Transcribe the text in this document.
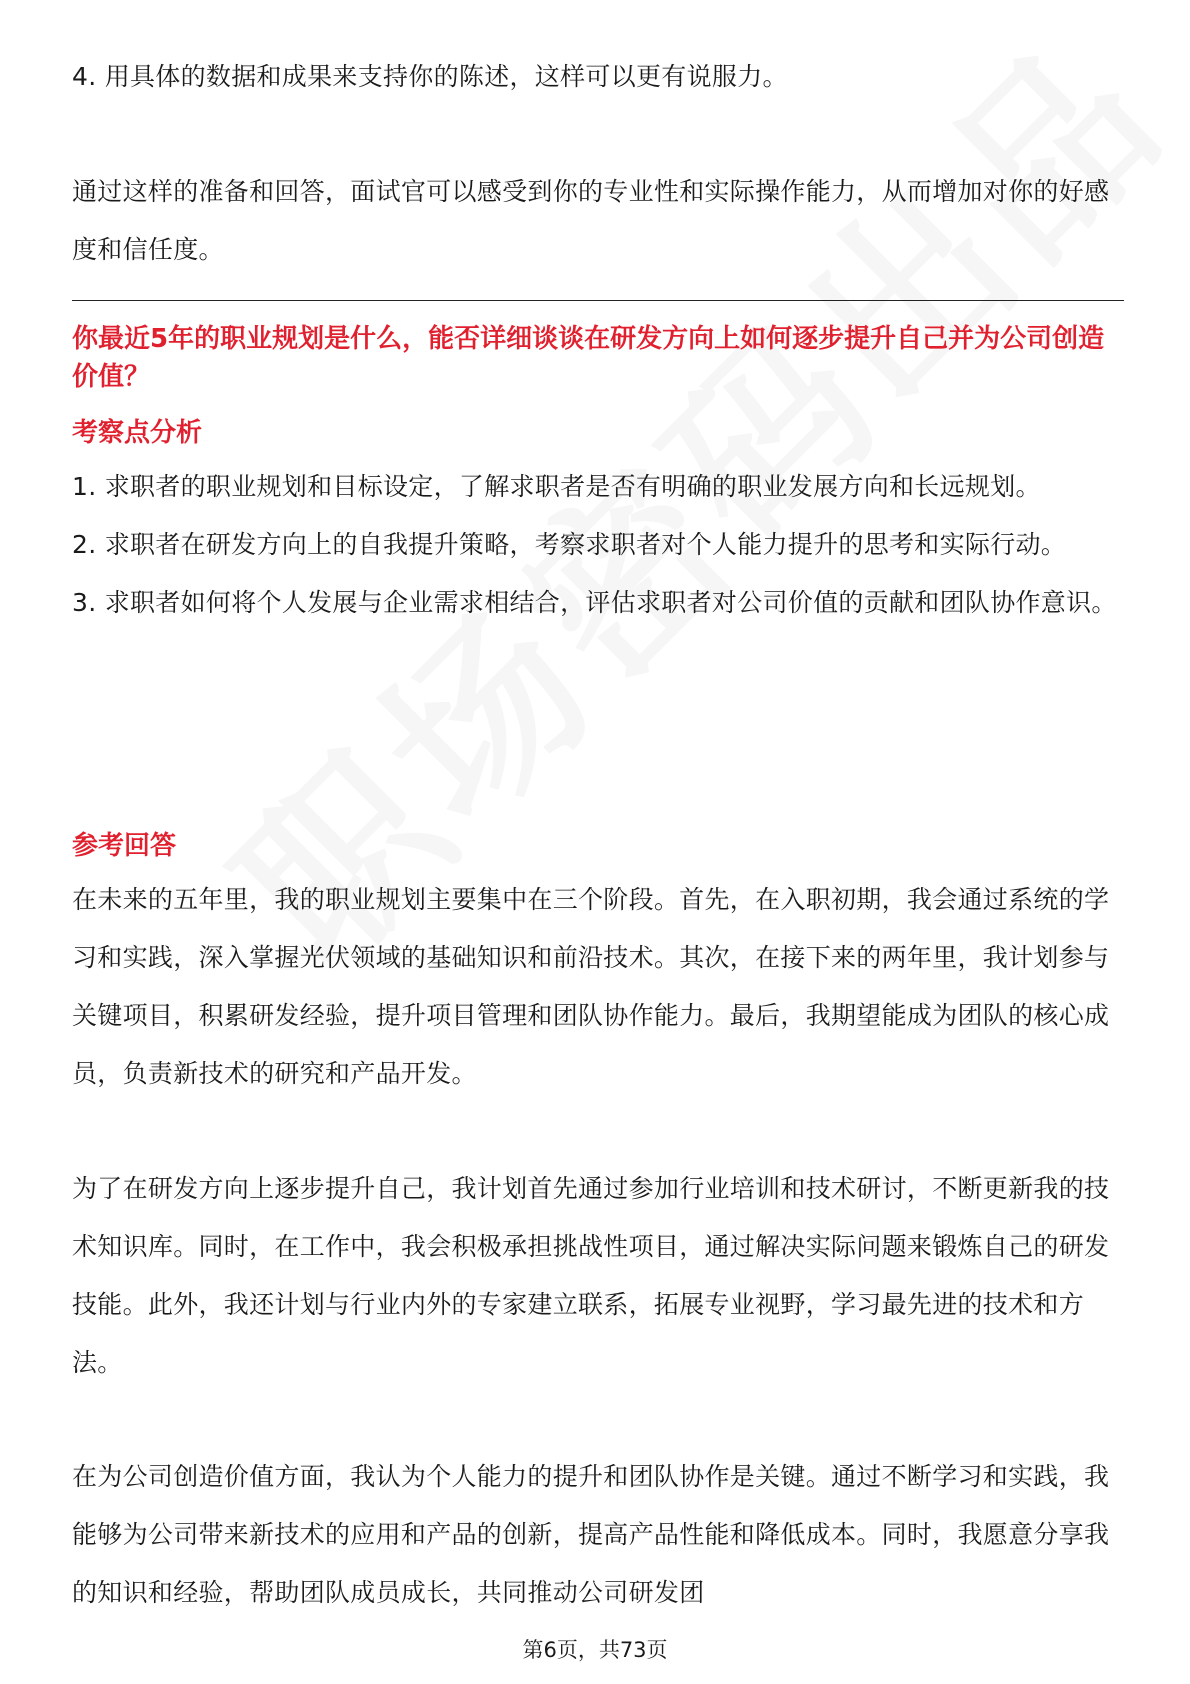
4. 用具体的数据和成果来支持你的陈述，这样可以更有说服力。

通过这样的准备和回答，面试官可以感受到你的专业性和实际操作能力，从而增加对你的好感度和信任度。

你最近5年的职业规划是什么，能否详细谈谈在研发方向上如何逐步提升自己并为公司创造价值？
考察点分析

1. 求职者的职业规划和目标设定，了解求职者是否有明确的职业发展方向和长远规划。

2. 求职者在研发方向上的自我提升策略，考察求职者对个人能力提升的思考和实际行动。

3. 求职者如何将个人发展与企业需求相结合，评估求职者对公司价值的贡献和团队协作意识。

参考回答

在未来的五年里，我的职业规划主要集中在三个阶段。首先，在入职初期，我会通过系统的学习和实践，深入掌握光伏领域的基础知识和前沿技术。其次，在接下来的两年里，我计划参与关键项目，积累研发经验，提升项目管理和团队协作能力。最后，我期望能成为团队的核心成员，负责新技术的研究和产品开发。

为了在研发方向上逐步提升自己，我计划首先通过参加行业培训和技术研讨，不断更新我的技术知识库。同时，在工作中，我会积极承担挑战性项目，通过解决实际问题来锻炼自己的研发技能。此外，我还计划与行业内外的专家建立联系，拓展专业视野，学习最先进的技术和方法。

在为公司创造价值方面，我认为个人能力的提升和团队协作是关键。通过不断学习和实践，我能够为公司带来新技术的应用和产品的创新，提高产品性能和降低成本。同时，我愿意分享我的知识和经验，帮助团队成员成长，共同推动公司研发团

第6页，共73页
